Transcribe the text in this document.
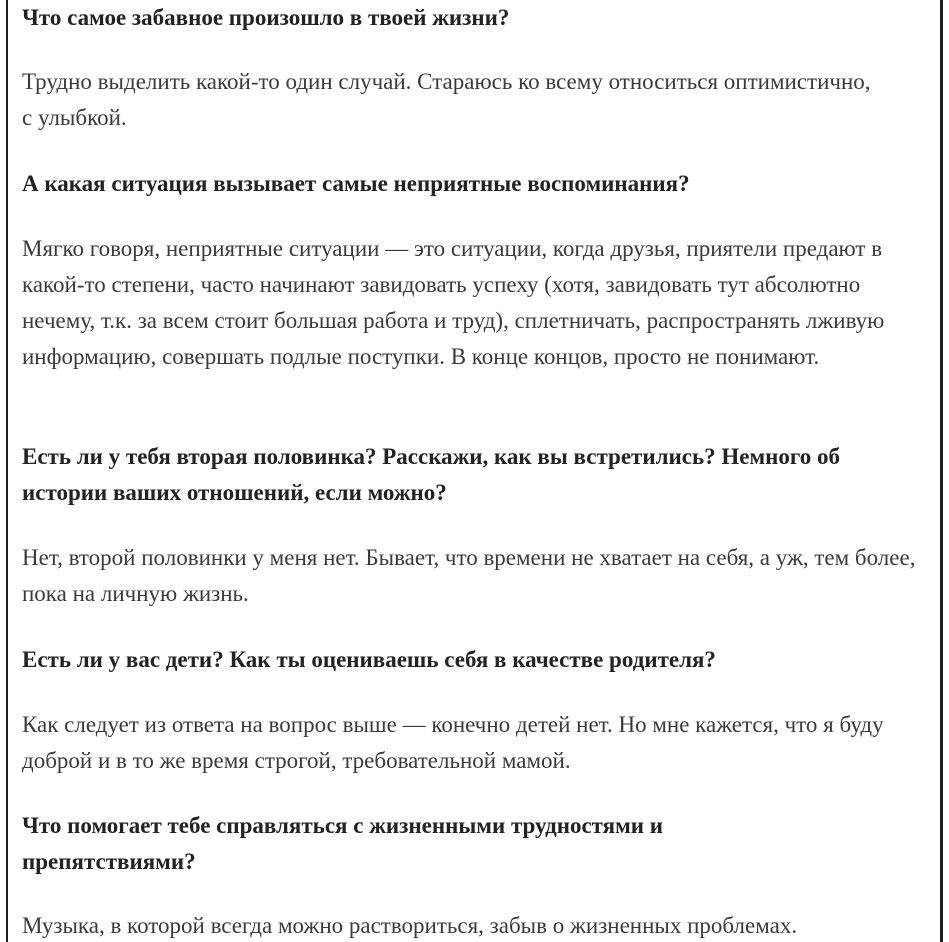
Что самое забавное произошло в твоей жизни?

Трудно выделить какой-то один случай. Стараюсь ко всему относиться оптимистично, с улыбкой.

А какая ситуация вызывает самые неприятные воспоминания?

Мягко говоря, неприятные ситуации — это ситуации, когда друзья, приятели предают в какой-то степени, часто начинают завидовать успеху (хотя, завидовать тут абсолютно нечему, т.к. за всем стоит большая работа и труд), сплетничать, распространять лживую информацию, совершать подлые поступки. В конце концов, просто не понимают.

Есть ли у тебя вторая половинка? Расскажи, как вы встретились? Немного об истории ваших отношений, если можно?

Нет, второй половинки у меня нет. Бывает, что времени не хватает на себя, а уж, тем более, пока на личную жизнь.

Есть ли у вас дети? Как ты оцениваешь себя в качестве родителя?

Как следует из ответа на вопрос выше — конечно детей нет. Но мне кажется, что я буду доброй и в то же время строгой, требовательной мамой.

Что помогает тебе справляться с жизненными трудностями и препятствиями?

Музыка, в которой всегда можно раствориться, забыв о жизненных проблемах.
